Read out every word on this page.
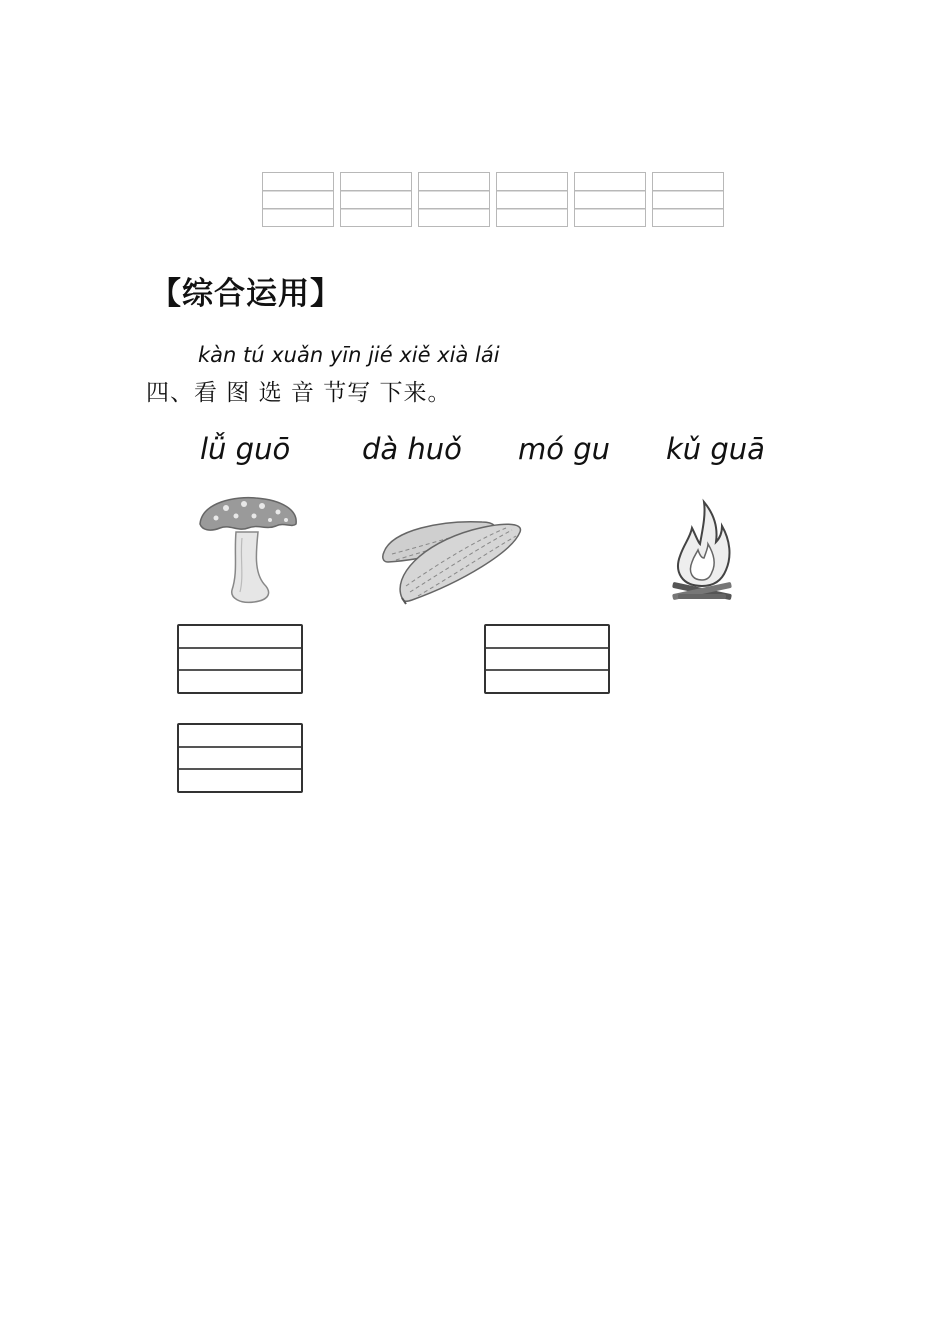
【综合运用】
kàn tú xuǎn yīn jié xiě xià lái
四、看 图 选 音 节写 下来。
lǚ guō dà huǒ mó gu kǔ guā
